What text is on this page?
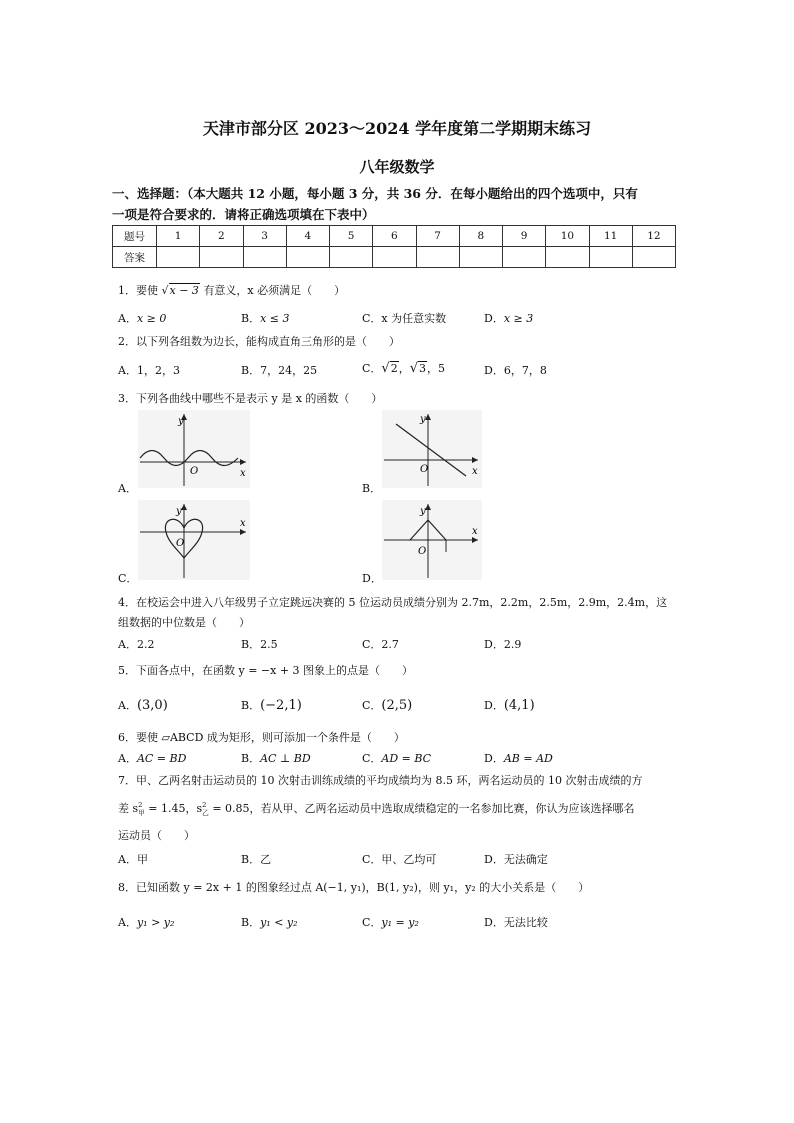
天津市部分区 2023～2024 学年度第二学期期末练习
八年级数学
一、选择题：（本大题共 12 小题，每小题 3 分，共 36 分．在每小题给出的四个选项中，只有
一项是符合要求的．请将正确选项填在下表中）
题号	1	2	3	4	5	6	7	8	9	10	11	12
答案												
1．要使 √x − 3 有意义，x 必须满足（　　）
A．x ≥ 0	B．x ≤ 3	C．x 为任意实数	D．x ≥ 3
2．以下列各组数为边长，能构成直角三角形的是（　　）
A．1，2，3	B．7，24，25	C．√2，√3，5	D．6，7，8
3．下列各曲线中哪些不是表示 y 是 x 的函数（　　）
y
x
O
A．
y
x
O
B．
y
x
O
C．
y
x
O
D．
4．在校运会中进入八年级男子立定跳远决赛的 5 位运动员成绩分别为 2.7m，2.2m，2.5m，2.9m，2.4m，这
组数据的中位数是（　　）
A．2.2	B．2.5	C．2.7	D．2.9
5．下面各点中，在函数 y = −x + 3 图象上的点是（　　）
A．(3,0)	B．(−2,1)	C．(2,5)	D．(4,1)
6．要使 ▱ABCD 成为矩形，则可添加一个条件是（　　）
A．AC = BD	B．AC ⊥ BD	C．AD = BC	D．AB = AD
7．甲、乙两名射击运动员的 10 次射击训练成绩的平均成绩均为 8.5 环，两名运动员的 10 次射击成绩的方
差 s 2
甲 = 1.45，s 2
乙 = 0.85，若从甲、乙两名运动员中选取成绩稳定的一名参加比赛，你认为应该选择哪名
运动员（　　）
A．甲	B．乙	C．甲、乙均可	D．无法确定
8．已知函数 y = 2x + 1 的图象经过点 A(−1, y₁)，B(1, y₂)，则 y₁，y₂ 的大小关系是（　　）
A．y₁ > y₂	B．y₁ < y₂	C．y₁ = y₂	D．无法比较
